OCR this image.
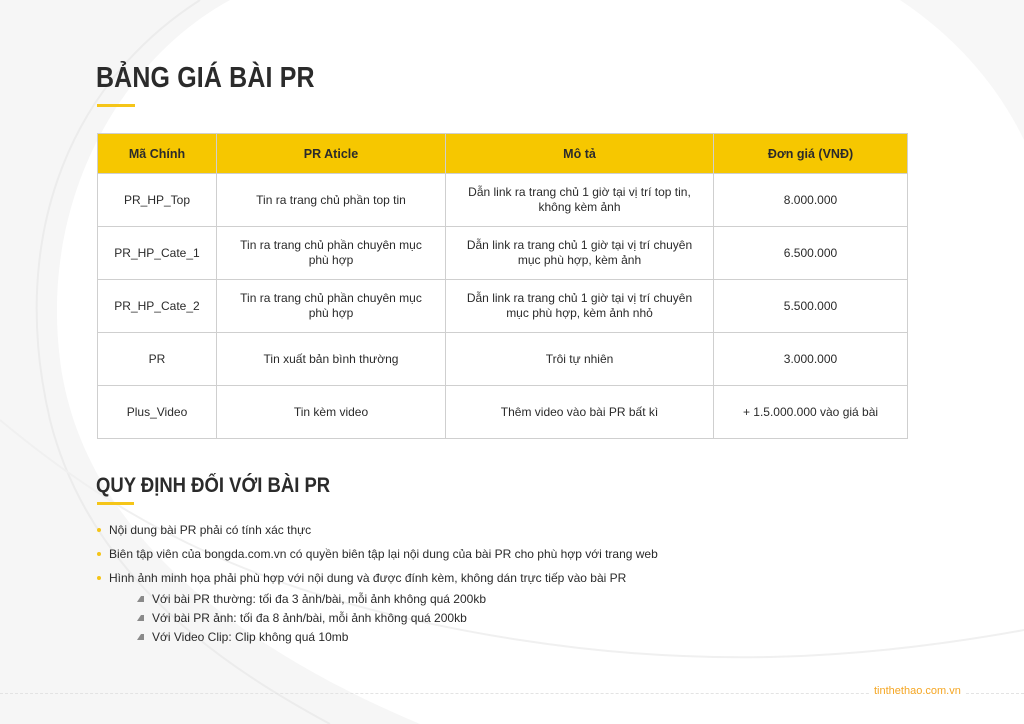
BẢNG GIÁ BÀI PR
Mã Chính	PR Aticle	Mô tả	Đơn giá (VNĐ)
PR_HP_Top	Tin ra trang chủ phần top tin	Dẫn link ra trang chủ 1 giờ tại vị trí top tin, không kèm ảnh	8.000.000
PR_HP_Cate_1	Tin ra trang chủ phần chuyên mục phù hợp	Dẫn link ra trang chủ 1 giờ tại vị trí chuyên mục phù hợp, kèm ảnh	6.500.000
PR_HP_Cate_2	Tin ra trang chủ phần chuyên mục phù hợp	Dẫn link ra trang chủ 1 giờ tại vị trí chuyên mục phù hợp, kèm ảnh nhỏ	5.500.000
PR	Tin xuất bản bình thường	Trôi tự nhiên	3.000.000
Plus_Video	Tin kèm video	Thêm video vào bài PR bất kì	+ 1.5.000.000 vào giá bài
QUY ĐỊNH ĐỐI VỚI BÀI PR
Nội dung bài PR phải có tính xác thực
Biên tập viên của bongda.com.vn có quyền biên tập lại nội dung của bài PR cho phù hợp với trang web
Hình ảnh minh họa phải phù hợp với nội dung và được đính kèm, không dán trực tiếp vào bài PR
Với bài PR thường: tối đa 3 ảnh/bài, mỗi ảnh không quá 200kb
Với bài PR ảnh: tối đa 8 ảnh/bài, mỗi ảnh không quá 200kb
Với Video Clip: Clip không quá 10mb
tinthethao.com.vn
